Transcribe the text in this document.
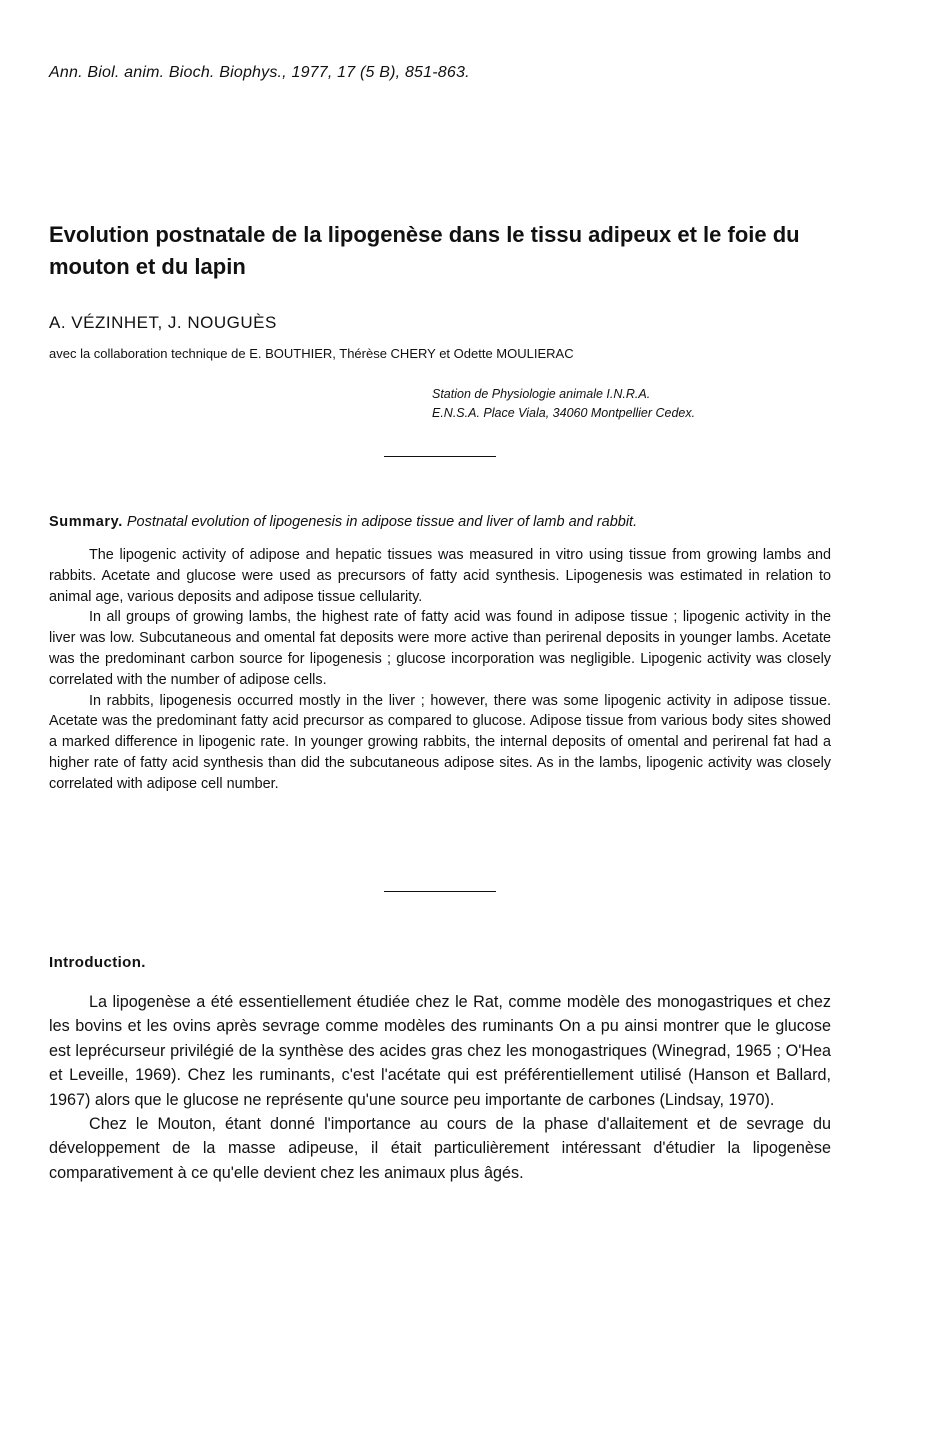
Ann. Biol. anim. Bioch. Biophys., 1977, 17 (5 B), 851-863.
Evolution postnatale de la lipogenèse dans le tissu adipeux et le foie du mouton et du lapin
A. VÉZINHET, J. NOUGUÈS
avec la collaboration technique de E. BOUTHIER, Thérèse CHERY et Odette MOULIERAC
Station de Physiologie animale I.N.R.A.
E.N.S.A. Place Viala, 34060 Montpellier Cedex.
Summary. Postnatal evolution of lipogenesis in adipose tissue and liver of lamb and rabbit.

The lipogenic activity of adipose and hepatic tissues was measured in vitro using tissue from growing lambs and rabbits. Acetate and glucose were used as precursors of fatty acid synthesis. Lipogenesis was estimated in relation to animal age, various deposits and adipose tissue cellularity.

In all groups of growing lambs, the highest rate of fatty acid was found in adipose tissue ; lipogenic activity in the liver was low. Subcutaneous and omental fat deposits were more active than perirenal deposits in younger lambs. Acetate was the predominant carbon source for lipogenesis ; glucose incorporation was negligible. Lipogenic activity was closely correlated with the number of adipose cells.

In rabbits, lipogenesis occurred mostly in the liver ; however, there was some lipogenic activity in adipose tissue. Acetate was the predominant fatty acid precursor as compared to glucose. Adipose tissue from various body sites showed a marked difference in lipogenic rate. In younger growing rabbits, the internal deposits of omental and perirenal fat had a higher rate of fatty acid synthesis than did the subcutaneous adipose sites. As in the lambs, lipogenic activity was closely correlated with adipose cell number.

Introduction.

La lipogenèse a été essentiellement étudiée chez le Rat, comme modèle des monogastriques et chez les bovins et les ovins après sevrage comme modèles des ruminants On a pu ainsi montrer que le glucose est leprécurseur privilégié de la synthèse des acides gras chez les monogastriques (Winegrad, 1965 ; O'Hea et Leveille, 1969). Chez les ruminants, c'est l'acétate qui est préférentiellement utilisé (Hanson et Ballard, 1967) alors que le glucose ne représente qu'une source peu importante de carbones (Lindsay, 1970).

Chez le Mouton, étant donné l'importance au cours de la phase d'allaitement et de sevrage du développement de la masse adipeuse, il était particulièrement intéressant d'étudier la lipogenèse comparativement à ce qu'elle devient chez les animaux plus âgés.
